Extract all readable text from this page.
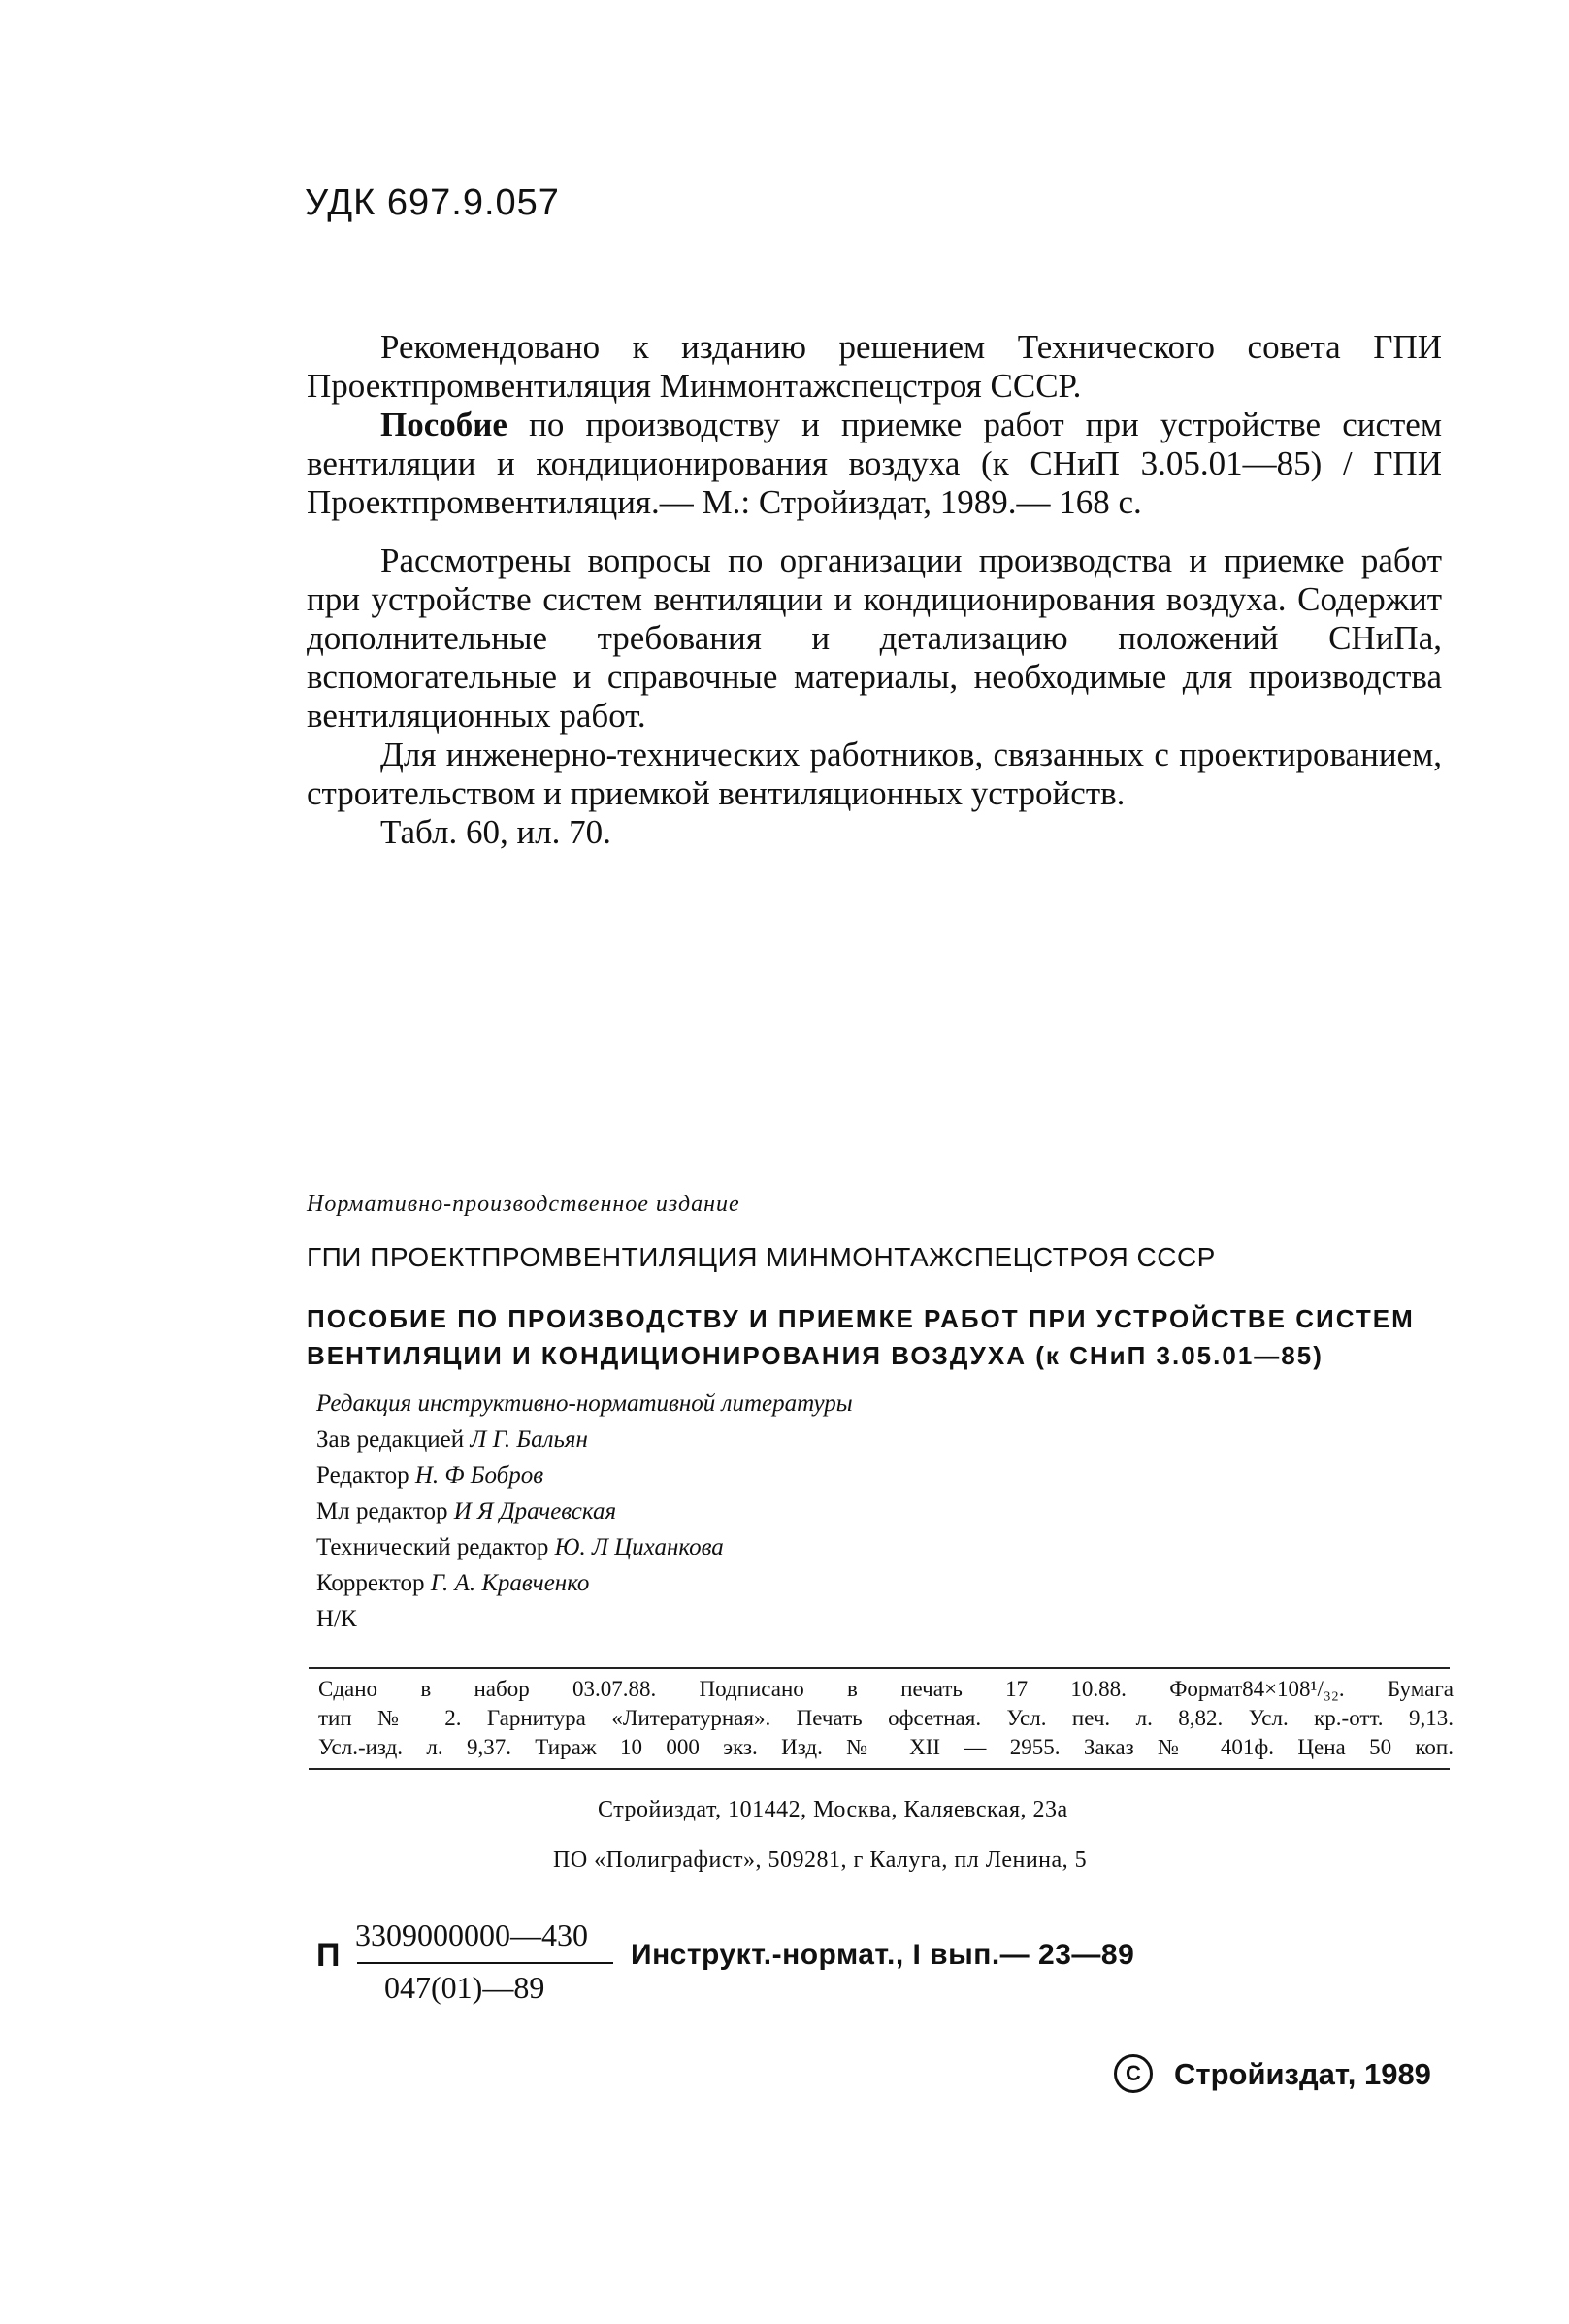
УДК 697.9.057

Рекомендовано к изданию решением Технического совета ГПИ Проектпромвентиляция Минмонтажспецстроя СССР.

Пособие по производству и приемке работ при устройстве систем вентиляции и кондиционирования воздуха (к СНиП 3.05.01—85) / ГПИ Проектпромвентиляция.— М.: Стройиздат, 1989.— 168 с.

Рассмотрены вопросы по организации производства и приемке работ при устройстве систем вентиляции и кондиционирования воздуха. Содержит дополнительные требования и детализацию положений СНиПа, вспомогательные и справочные материалы, необходимые для производства вентиляционных работ.

Для инженерно-технических работников, связанных с проектированием, строительством и приемкой вентиляционных устройств.

Табл. 60, ил. 70.

Нормативно-производственное издание
ГПИ ПРОЕКТПРОМВЕНТИЛЯЦИЯ МИНМОНТАЖСПЕЦСТРОЯ СССР
ПОСОБИЕ ПО ПРОИЗВОДСТВУ И ПРИЕМКЕ РАБОТ ПРИ УСТРОЙСТВЕ СИСТЕМ ВЕНТИЛЯЦИИ И КОНДИЦИОНИРОВАНИЯ ВОЗДУХА (к СНиП 3.05.01—85)
Редакция инструктивно-нормативной литературы
Зав редакцией Л Г. Бальян
Редактор Н. Ф Бобров
Мл редактор И Я Драчевская
Технический редактор Ю. Л Циханкова
Корректор Г. А. Кравченко
Н/К
Сдано в набор 03.07.88. Подписано в печать 17 10.88. Формат84×108¹/₃₂. Бумага
тип № 2. Гарнитура «Литературная». Печать офсетная. Усл. печ. л. 8,82. Усл. кр.-отт. 9,13.
Усл.-изд. л. 9,37. Тираж 10 000 экз. Изд. № XII — 2955. Заказ № 401ф. Цена 50 коп.
Стройиздат, 101442, Москва, Каляевская, 23а
ПО «Полиграфист», 509281, г Калуга, пл Ленина, 5
П
3309000000—430
047(01)—89
Инструкт.-нормат., I вып.— 23—89
C Стройиздат, 1989
